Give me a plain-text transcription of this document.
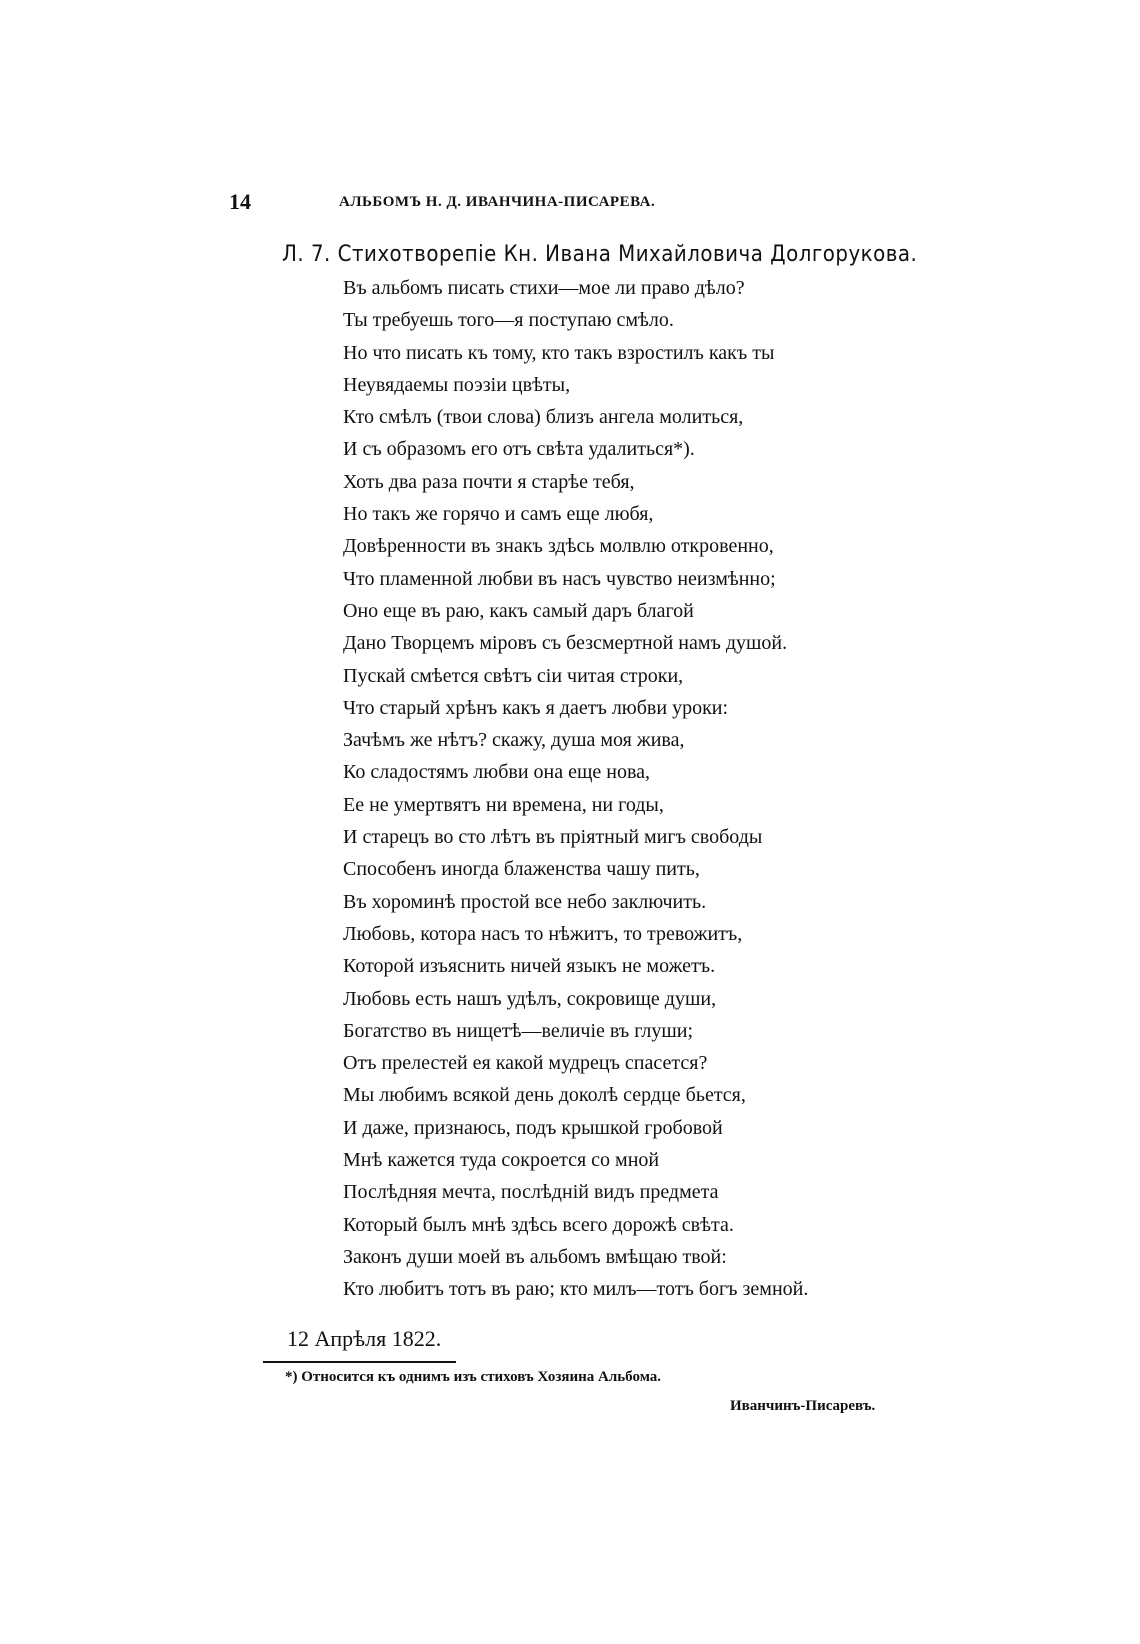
14	АЛЬБОМЪ Н. Д. ИВАНЧИНА-ПИСАРЕВА.
Л. 7. Стихотворепіе Кн. Ивана Михайловича Долгорукова.
Въ альбомъ писать стихи—мое ли право дѣло?
Ты требуешь того—я поступаю смѣло.
Но что писать къ тому, кто такъ взростилъ какъ ты
Неувядаемы поэзіи цвѣты,
Кто смѣлъ (твои слова) близъ ангела молиться,
И съ образомъ его отъ свѣта удалиться*).
Хоть два раза почти я старѣе тебя,
Но такъ же горячо и самъ еще любя,
Довѣренности въ знакъ здѣсь молвлю откровенно,
Что пламенной любви въ насъ чувство неизмѣнно;
Оно еще въ раю, какъ самый даръ благой
Дано Творцемъ міровъ съ безсмертной намъ душой.
Пускай смѣется свѣтъ сіи читая строки,
Что старый хрѣнъ какъ я даетъ любви уроки:
Зачѣмъ же нѣтъ? скажу, душа моя жива,
Ко сладостямъ любви она еще нова,
Ее не умертвятъ ни времена, ни годы,
И старецъ во сто лѣтъ въ пріятный мигъ свободы
Способенъ иногда блаженства чашу пить,
Въ хороминѣ простой все небо заключить.
Любовь, котора насъ то нѣжитъ, то тревожитъ,
Которой изъяснить ничей языкъ не можетъ.
Любовь есть нашъ удѣлъ, сокровище души,
Богатство въ нищетѣ—величіе въ глуши;
Отъ прелестей ея какой мудрецъ спасется?
Мы любимъ всякой день доколѣ сердце бьется,
И даже, признаюсь, подъ крышкой гробовой
Мнѣ кажется туда сокроется со мной
Послѣдняя мечта, послѣдній видъ предмета
Который былъ мнѣ здѣсь всего дорожѣ свѣта.
Законъ души моей въ альбомъ вмѣщаю твой:
Кто любитъ тотъ въ раю; кто милъ—тотъ богъ земной.
12 Апрѣля 1822.
*) Относится къ однимъ изъ стиховъ Хозяина Альбома.
Иванчинъ-Писаревъ.
